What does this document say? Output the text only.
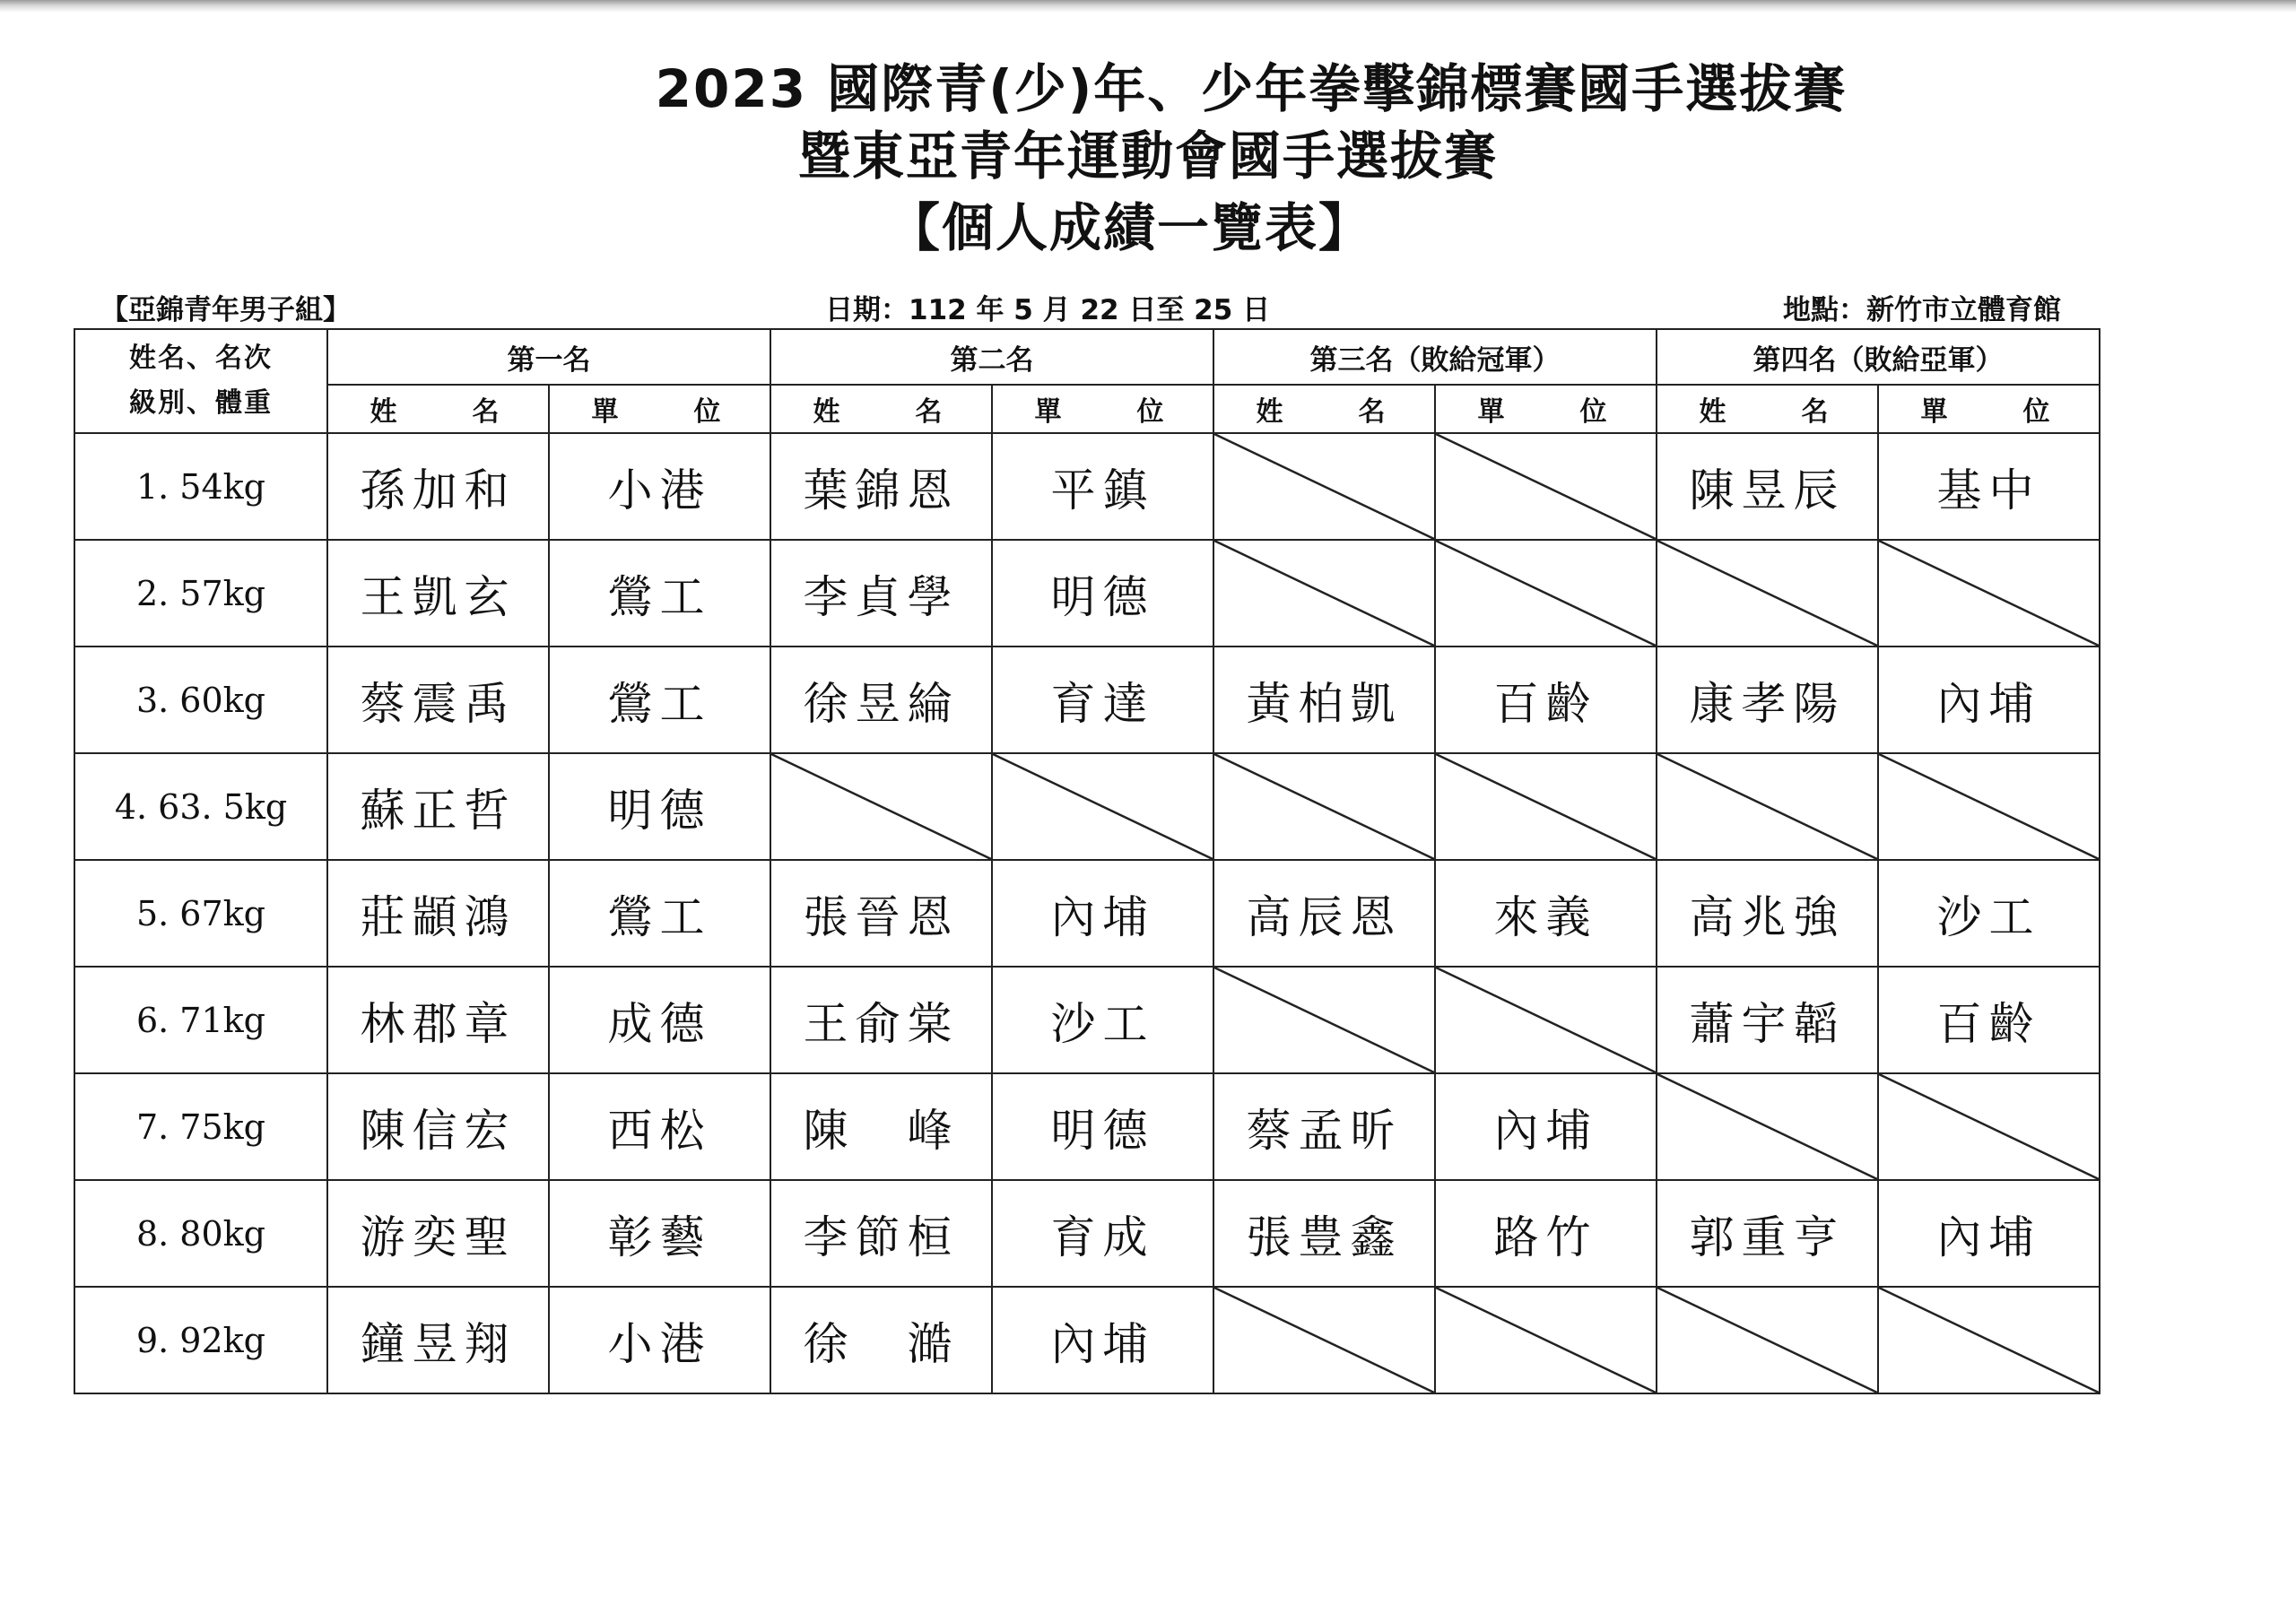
2023 國際青(少)年、少年拳擊錦標賽國手選拔賽
暨東亞青年運動會國手選拔賽
【個人成績一覽表】
【亞錦青年男子組】	日期：112 年 5 月 22 日至 25 日	地點：新竹市立體育館
姓名、名次
級別、體重	第一名		第二名		第三名（敗給冠軍）		第四名（敗給亞軍）	
	姓　　名	單　　位	姓　　名	單　　位	姓　　名	單　　位	姓　　名	單　　位
1. 54kg	孫加和	小港	葉錦恩	平鎮			陳昱辰	基中
2. 57kg	王凱玄	鶯工	李貞學	明德				
3. 60kg	蔡震禹	鶯工	徐昱綸	育達	黃柏凱	百齡	康孝陽	內埔
4. 63. 5kg	蘇正哲	明德						
5. 67kg	莊顓鴻	鶯工	張晉恩	內埔	高辰恩	來義	高兆強	沙工
6. 71kg	林郡章	成德	王俞棠	沙工			蕭宇韜	百齡
7. 75kg	陳信宏	西松	陳　峰	明德	蔡孟昕	內埔		
8. 80kg	游奕聖	彰藝	李節桓	育成	張豊鑫	路竹	郭重亨	內埔
9. 92kg	鐘昱翔	小港	徐　澔	內埔				
